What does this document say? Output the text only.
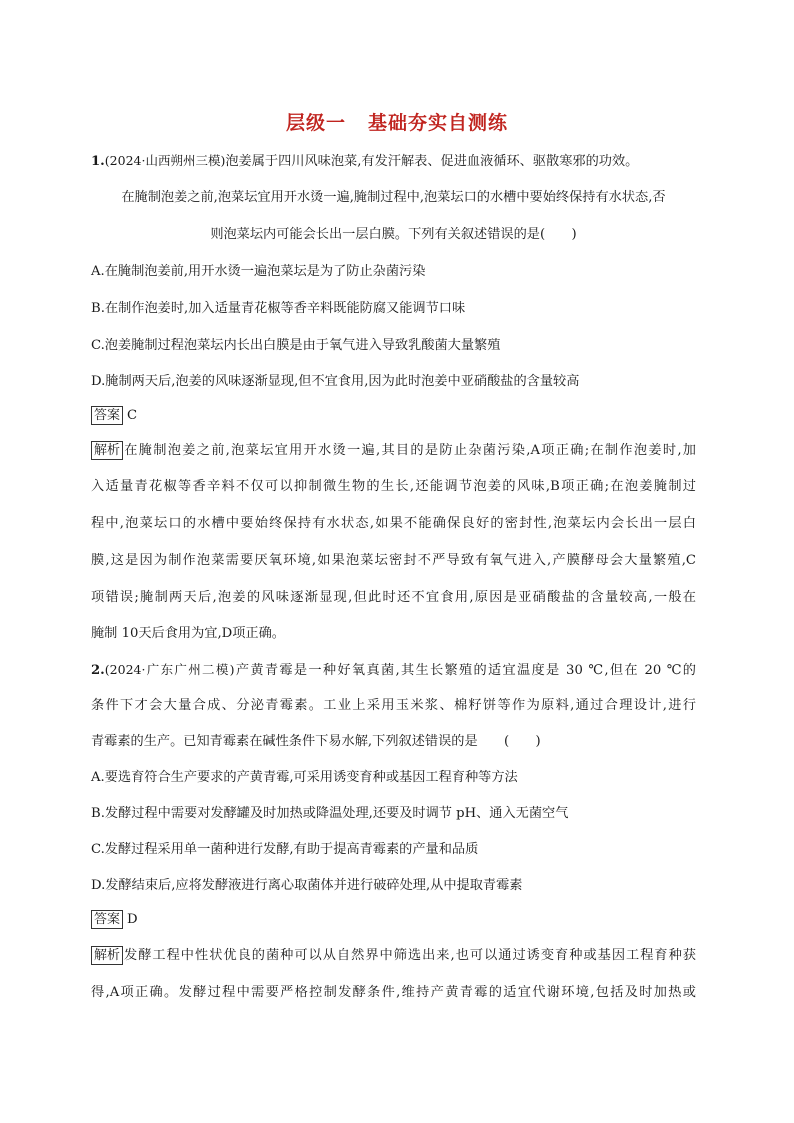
层级一 基础夯实自测练
1.(2024·山西朔州三模)泡姜属于四川风味泡菜,有发汗解表、促进血液循环、驱散寒邪的功效。
在腌制泡姜之前,泡菜坛宜用开水烫一遍,腌制过程中,泡菜坛口的水槽中要始终保持有水状态,否
则泡菜坛内可能会长出一层白膜。下列有关叙述错误的是(　　)
A.在腌制泡姜前,用开水烫一遍泡菜坛是为了防止杂菌污染
B.在制作泡姜时,加入适量青花椒等香辛料既能防腐又能调节口味
C.泡姜腌制过程泡菜坛内长出白膜是由于氧气进入导致乳酸菌大量繁殖
D.腌制两天后,泡姜的风味逐渐显现,但不宜食用,因为此时泡姜中亚硝酸盐的含量较高
答案 C
解析 在腌制泡姜之前,泡菜坛宜用开水烫一遍,其目的是防止杂菌污染,A项正确;在制作泡姜时,加
入适量青花椒等香辛料不仅可以抑制微生物的生长,还能调节泡姜的风味,B项正确;在泡姜腌制过
程中,泡菜坛口的水槽中要始终保持有水状态,如果不能确保良好的密封性,泡菜坛内会长出一层白
膜,这是因为制作泡菜需要厌氧环境,如果泡菜坛密封不严导致有氧气进入,产膜酵母会大量繁殖,C
项错误;腌制两天后,泡姜的风味逐渐显现,但此时还不宜食用,原因是亚硝酸盐的含量较高,一般在
腌制 10天后食用为宜,D项正确。
2.(2024·广东广州二模)产黄青霉是一种好氧真菌,其生长繁殖的适宜温度是 30 ℃,但在 20 ℃的
条件下才会大量合成、分泌青霉素。工业上采用玉米浆、棉籽饼等作为原料,通过合理设计,进行
青霉素的生产。已知青霉素在碱性条件下易水解,下列叙述错误的是　　(　　)
A.要选育符合生产要求的产黄青霉,可采用诱变育种或基因工程育种等方法
B.发酵过程中需要对发酵罐及时加热或降温处理,还要及时调节 pH、通入无菌空气
C.发酵过程采用单一菌种进行发酵,有助于提高青霉素的产量和品质
D.发酵结束后,应将发酵液进行离心取菌体并进行破碎处理,从中提取青霉素
答案 D
解析 发酵工程中性状优良的菌种可以从自然界中筛选出来,也可以通过诱变育种或基因工程育种获
得,A项正确。发酵过程中需要严格控制发酵条件,维持产黄青霉的适宜代谢环境,包括及时加热或
